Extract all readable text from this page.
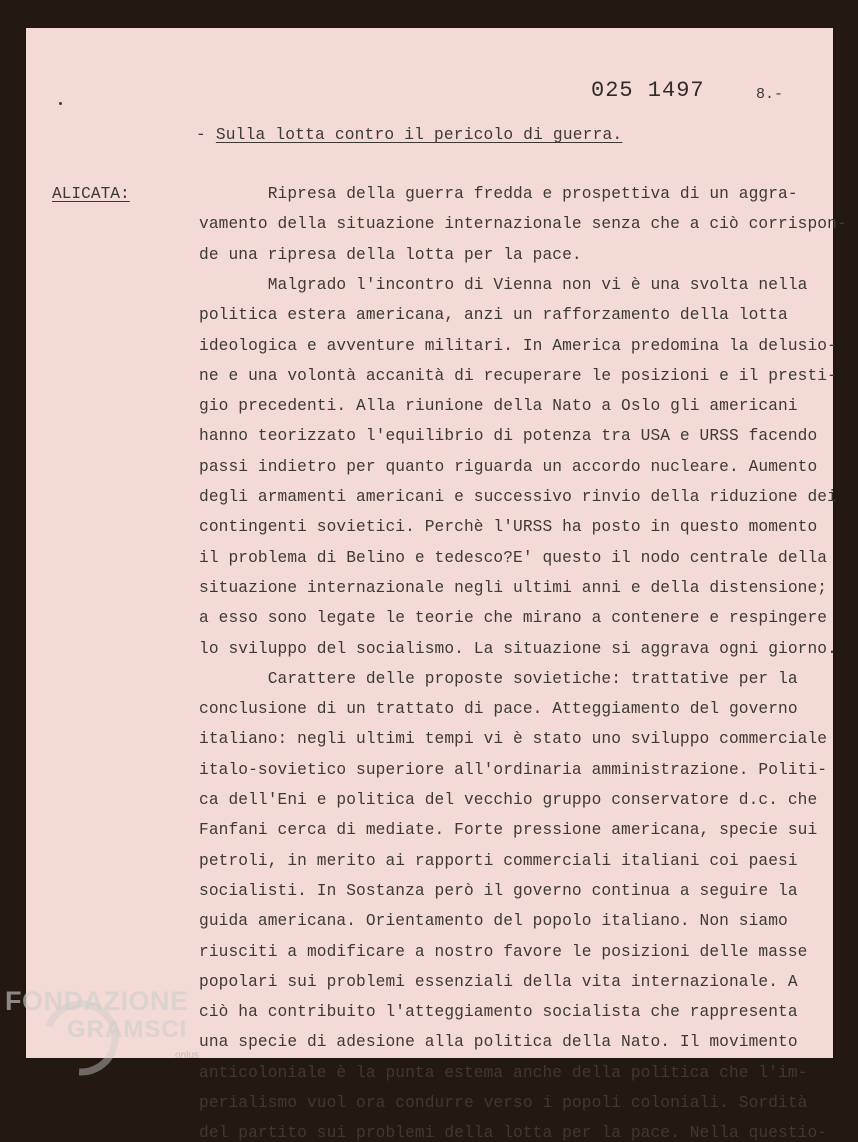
025 1497	8.-
- Sulla lotta contro il pericolo di guerra.
ALICATA:	Ripresa della guerra fredda e prospettiva di un aggra-
vamento della situazione internazionale senza che a ciò corrispon-
de una ripresa della lotta per la pace.
Malgrado l'incontro di Vienna non vi è una svolta nella
politica estera americana, anzi un rafforzamento della lotta
ideologica e avventure militari. In America predomina la delusio-
ne e una volontà accanità di recuperare le posizioni e il presti-
gio precedenti. Alla riunione della Nato a Oslo gli americani
hanno teorizzato l'equilibrio di potenza tra USA e URSS facendo
passi indietro per quanto riguarda un accordo nucleare. Aumento
degli armamenti americani e successivo rinvio della riduzione dei
contingenti sovietici. Perchè l'URSS ha posto in questo momento
il problema di Belino e tedesco?E' questo il nodo centrale della
situazione internazionale negli ultimi anni e della distensione;
a esso sono legate le teorie che mirano a contenere e respingere
lo sviluppo del socialismo. La situazione si aggrava ogni giorno.
Carattere delle proposte sovietiche: trattative per la
conclusione di un trattato di pace. Atteggiamento del governo
italiano: negli ultimi tempi vi è stato uno sviluppo commerciale
italo-sovietico superiore all'ordinaria amministrazione. Politi-
ca dell'Eni e politica del vecchio gruppo conservatore d.c. che
Fanfani cerca di mediate. Forte pressione americana, specie sui
petroli, in merito ai rapporti commerciali italiani coi paesi
socialisti. In Sostanza però il governo continua a seguire la
guida americana. Orientamento del popolo italiano. Non siamo
riusciti a modificare a nostro favore le posizioni delle masse
popolari sui problemi essenziali della vita internazionale. A
ciò ha contribuito l'atteggiamento socialista che rappresenta
una specie di adesione alla politica della Nato. Il movimento
anticoloniale è la punta estema anche della politica che l'im-
perialismo vuol ora condurre verso i popoli coloniali. Sordità
del partito sui problemi della lotta per la pace. Nella questio-
FONDAZIONE
GRAMSCI
onlus
